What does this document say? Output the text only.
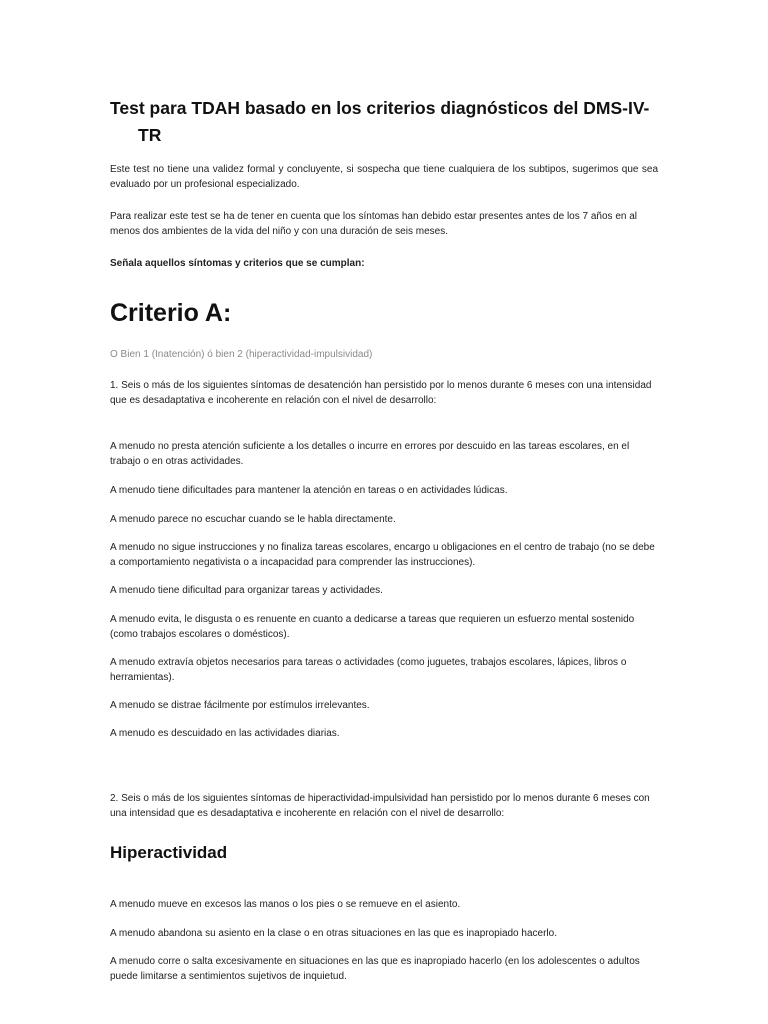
Test para TDAH basado en los criterios diagnósticos del DMS-IV-
TR

Este test no tiene una validez formal y concluyente, si sospecha que tiene cualquiera de los subtipos, sugerimos que sea evaluado por un profesional especializado.

Para realizar este test se ha de tener en cuenta que los síntomas han debido estar presentes antes de los 7 años en al menos dos ambientes de la vida del niño y con una duración de seis meses.

Señala aquellos síntomas y criterios que se cumplan:

Criterio A:

O Bien 1 (Inatención) ó bien 2 (hiperactividad-impulsividad)

1. Seis o más de los siguientes síntomas de desatención han persistido por lo menos durante 6 meses con una intensidad que es desadaptativa e incoherente en relación con el nivel de desarrollo:

A menudo no presta atención suficiente a los detalles o incurre en errores por descuido en las tareas escolares, en el trabajo o en otras actividades.

A menudo tiene dificultades para mantener la atención en tareas o en actividades lúdicas.

A menudo parece no escuchar cuando se le habla directamente.

A menudo no sigue instrucciones y no finaliza tareas escolares, encargo u obligaciones en el centro de trabajo (no se debe a comportamiento negativista o a incapacidad para comprender las instrucciones).

A menudo tiene dificultad para organizar tareas y actividades.

A menudo evita, le disgusta o es renuente en cuanto a dedicarse a tareas que requieren un esfuerzo mental sostenido (como trabajos escolares o domésticos).

A menudo extravía objetos necesarios para tareas o actividades (como juguetes, trabajos escolares, lápices, libros o herramientas).

A menudo se distrae fácilmente por estímulos irrelevantes.

A menudo es descuidado en las actividades diarias.

2. Seis o más de los siguientes síntomas de hiperactividad-impulsividad han persistido por lo menos durante 6 meses con una intensidad que es desadaptativa e incoherente en relación con el nivel de desarrollo:

Hiperactividad

A menudo mueve en excesos las manos o los pies o se remueve en el asiento.

A menudo abandona su asiento en la clase o en otras situaciones en las que es inapropiado hacerlo.

A menudo corre o salta excesivamente en situaciones en las que es inapropiado hacerlo (en los adolescentes o adultos puede limitarse a sentimientos sujetivos de inquietud.
